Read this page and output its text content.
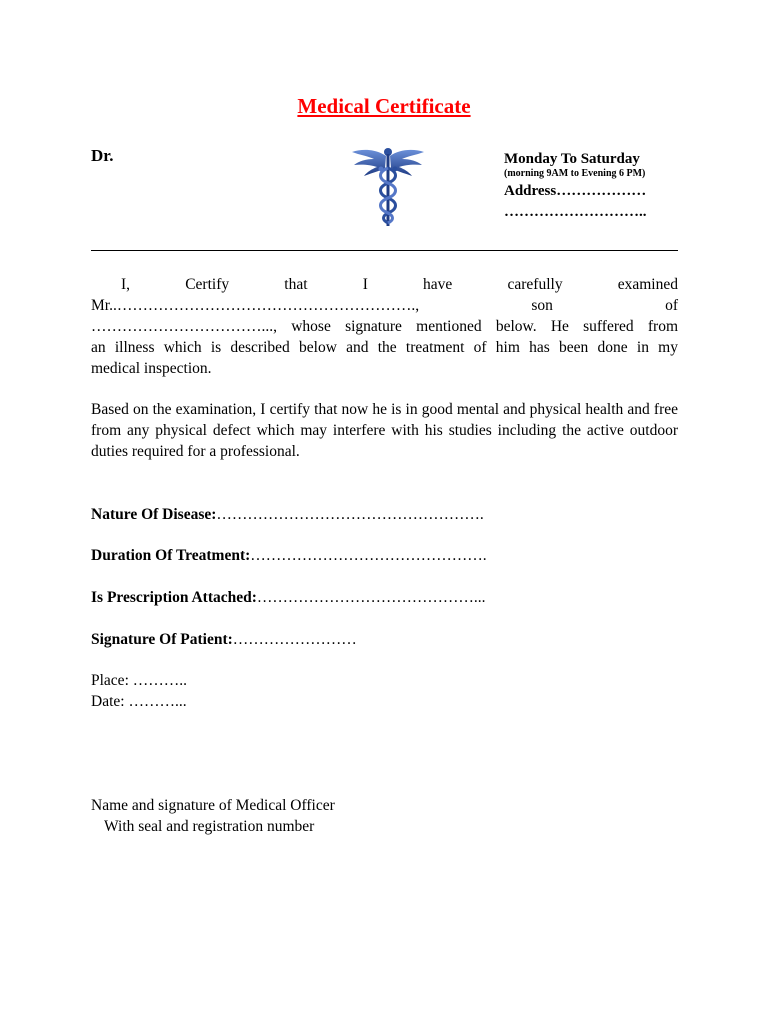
Medical Certificate
Dr.	Monday To Saturday
(morning 9AM to Evening 6 PM)
Address………………
………………………..
I, Certify that I have carefully examined
Mr..…………………………………………………., son of
……………………………..., whose signature mentioned below. He suffered from
an illness which is described below and the treatment of him has been done in my
medical inspection.
Based on the examination, I certify that now he is in good mental and physical health and free from any physical defect which may interfere with his studies including the active outdoor duties required for a professional.
Nature Of Disease:…………………………………………….
Duration Of Treatment:……………………………………….
Is Prescription Attached:……………………………………...
Signature Of Patient:……………………
Place: ………..
Date: ………...
Name and signature of Medical Officer
With seal and registration number
